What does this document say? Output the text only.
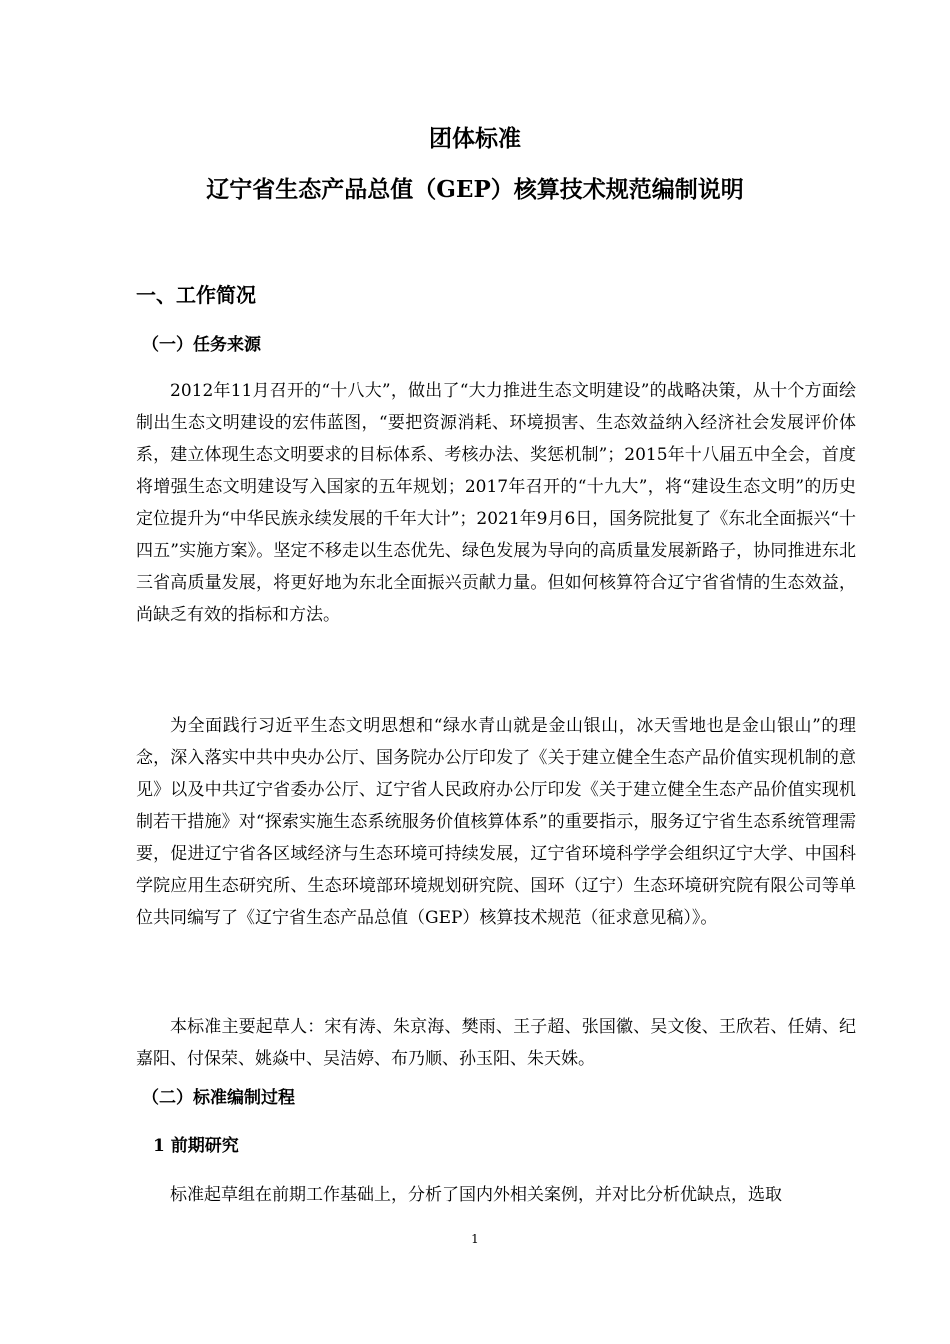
团体标准
辽宁省生态产品总值（GEP）核算技术规范编制说明
一、工作简况
（一）任务来源

2012年11月召开的“十八大”，做出了“大力推进生态文明建设”的战略决策，从十个方面绘制出生态文明建设的宏伟蓝图，“要把资源消耗、环境损害、生态效益纳入经济社会发展评价体系，建立体现生态文明要求的目标体系、考核办法、奖惩机制”；2015年十八届五中全会，首度将增强生态文明建设写入国家的五年规划；2017年召开的“十九大”，将“建设生态文明”的历史定位提升为“中华民族永续发展的千年大计”；2021年9月6日，国务院批复了《东北全面振兴“十四五”实施方案》。坚定不移走以生态优先、绿色发展为导向的高质量发展新路子，协同推进东北三省高质量发展，将更好地为东北全面振兴贡献力量。但如何核算符合辽宁省省情的生态效益，尚缺乏有效的指标和方法。

为全面践行习近平生态文明思想和“绿水青山就是金山银山，冰天雪地也是金山银山”的理念，深入落实中共中央办公厅、国务院办公厅印发了《关于建立健全生态产品价值实现机制的意见》以及中共辽宁省委办公厅、辽宁省人民政府办公厅印发《关于建立健全生态产品价值实现机制若干措施》对“探索实施生态系统服务价值核算体系”的重要指示，服务辽宁省生态系统管理需要，促进辽宁省各区域经济与生态环境可持续发展，辽宁省环境科学学会组织辽宁大学、中国科学院应用生态研究所、生态环境部环境规划研究院、国环（辽宁）生态环境研究院有限公司等单位共同编写了《辽宁省生态产品总值（GEP）核算技术规范（征求意见稿）》。

本标准主要起草人：宋有涛、朱京海、樊雨、王子超、张国徽、吴文俊、王欣若、任婧、纪嘉阳、付保荣、姚焱中、吴洁婷、布乃顺、孙玉阳、朱天姝。

（二）标准编制过程
1 前期研究

标准起草组在前期工作基础上，分析了国内外相关案例，并对比分析优缺点，选取

1
